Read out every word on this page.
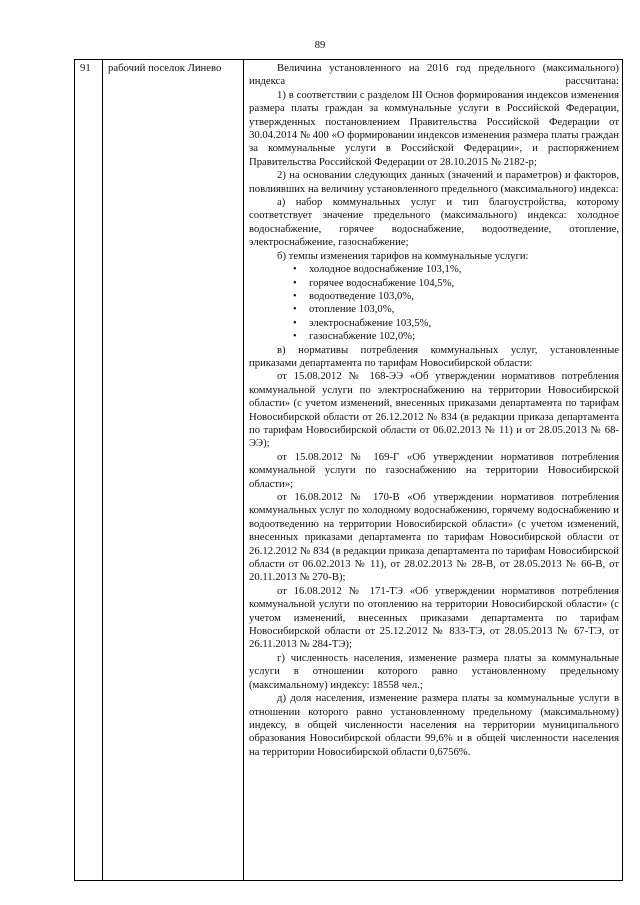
89
91	рабочий поселок Линево	Величина установленного на 2016 год предельного (максимального) индекса рассчитана:

1) в соответствии с разделом III Основ формирования индексов изменения размера платы граждан за коммунальные услуги в Российской Федерации, утвержденных постановлением Правительства Российской Федерации от 30.04.2014 № 400 «О формировании индексов изменения размера платы граждан за коммунальные услуги в Российской Федерации», и распоряжением Правительства Российской Федерации от 28.10.2015 № 2182-р;

2) на основании следующих данных (значений и параметров) и факторов, повлиявших на величину установленного предельного (максимального) индекса:

а) набор коммунальных услуг и тип благоустройства, которому соответствует значение предельного (максимального) индекса: холодное водоснабжение, горячее водоснабжение, водоотведение, отопление, электроснабжение, газоснабжение;

б) темпы изменения тарифов на коммунальные услуги:

• холодное водоснабжение 103,1%,
• горячее водоснабжение 104,5%,
• водоотведение 103,0%,
• отопление 103,0%,
• электроснабжение 103,5%,
• газоснабжение 102,0%;

в) нормативы потребления коммунальных услуг, установленные приказами департамента по тарифам Новосибирской области:

от 15.08.2012 № 168-ЭЭ «Об утверждении нормативов потребления коммунальной услуги по электроснабжению на территории Новосибирской области» (с учетом изменений, внесенных приказами департамента по тарифам Новосибирской области от 26.12.2012 № 834 (в редакции приказа департамента по тарифам Новосибирской области от 06.02.2013 № 11) и от 28.05.2013 № 68-ЭЭ);

от 15.08.2012 № 169-Г «Об утверждении нормативов потребления коммунальной услуги по газоснабжению на территории Новосибирской области»;

от 16.08.2012 № 170-В «Об утверждении нормативов потребления коммунальных услуг по холодному водоснабжению, горячему водоснабжению и водоотведению на территории Новосибирской области» (с учетом изменений, внесенных приказами департамента по тарифам Новосибирской области от 26.12.2012 № 834 (в редакции приказа департамента по тарифам Новосибирской области от 06.02.2013 № 11), от 28.02.2013 № 28-В, от 28.05.2013 № 66-В, от 20.11.2013 № 270-В);

от 16.08.2012 № 171-ТЭ «Об утверждении нормативов потребления коммунальной услуги по отоплению на территории Новосибирской области» (с учетом изменений, внесенных приказами департамента по тарифам Новосибирской области от 25.12.2012 № 833-ТЭ, от 28.05.2013 № 67-ТЭ, от 26.11.2013 № 284-ТЭ);

г) численность населения, изменение размера платы за коммунальные услуги в отношении которого равно установленному предельному (максимальному) индексу: 18558 чел.;

д) доля населения, изменение размера платы за коммунальные услуги в отношении которого равно установленному предельному (максимальному) индексу, в общей численности населения на территории муниципального образования Новосибирской области 99,6% и в общей численности населения на территории Новосибирской области 0,6756%.
